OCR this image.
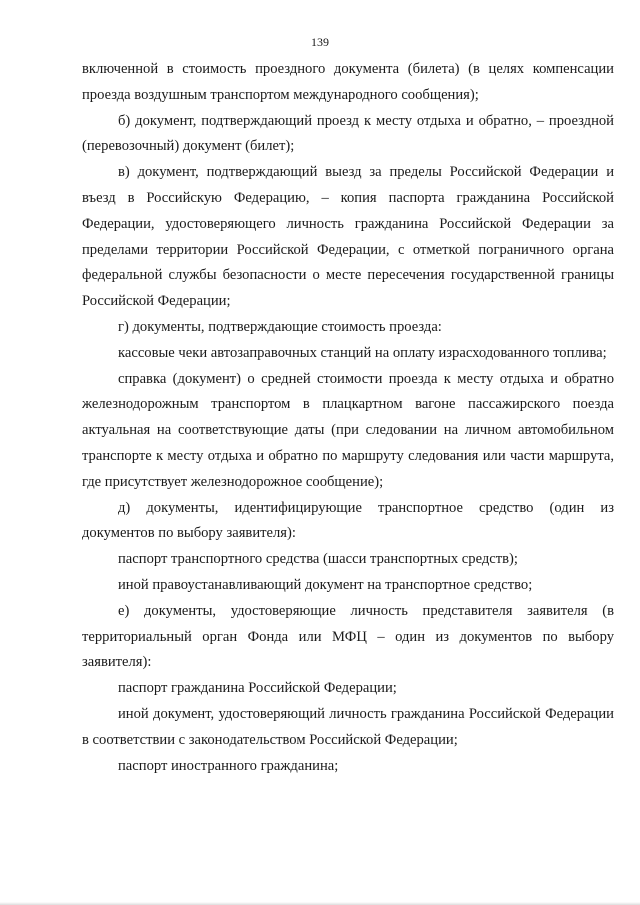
139

включенной в стоимость проездного документа (билета) (в целях компенсации проезда воздушным транспортом международного сообщения);

б) документ, подтверждающий проезд к месту отдыха и обратно, – проездной (перевозочный) документ (билет);

в) документ, подтверждающий выезд за пределы Российской Федерации и въезд в Российскую Федерацию, – копия паспорта гражданина Российской Федерации, удостоверяющего личность гражданина Российской Федерации за пределами территории Российской Федерации, с отметкой пограничного органа федеральной службы безопасности о месте пересечения государственной границы Российской Федерации;

г) документы, подтверждающие стоимость проезда:

кассовые чеки автозаправочных станций на оплату израсходованного топлива;

справка (документ) о средней стоимости проезда к месту отдыха и обратно железнодорожным транспортом в плацкартном вагоне пассажирского поезда актуальная на соответствующие даты (при следовании на личном автомобильном транспорте к месту отдыха и обратно по маршруту следования или части маршрута, где присутствует железнодорожное сообщение);

д) документы, идентифицирующие транспортное средство (один из документов по выбору заявителя):

паспорт транспортного средства (шасси транспортных средств);

иной правоустанавливающий документ на транспортное средство;

е) документы, удостоверяющие личность представителя заявителя (в территориальный орган Фонда или МФЦ – один из документов по выбору заявителя):

паспорт гражданина Российской Федерации;

иной документ, удостоверяющий личность гражданина Российской Федерации в соответствии с законодательством Российской Федерации;

паспорт иностранного гражданина;
